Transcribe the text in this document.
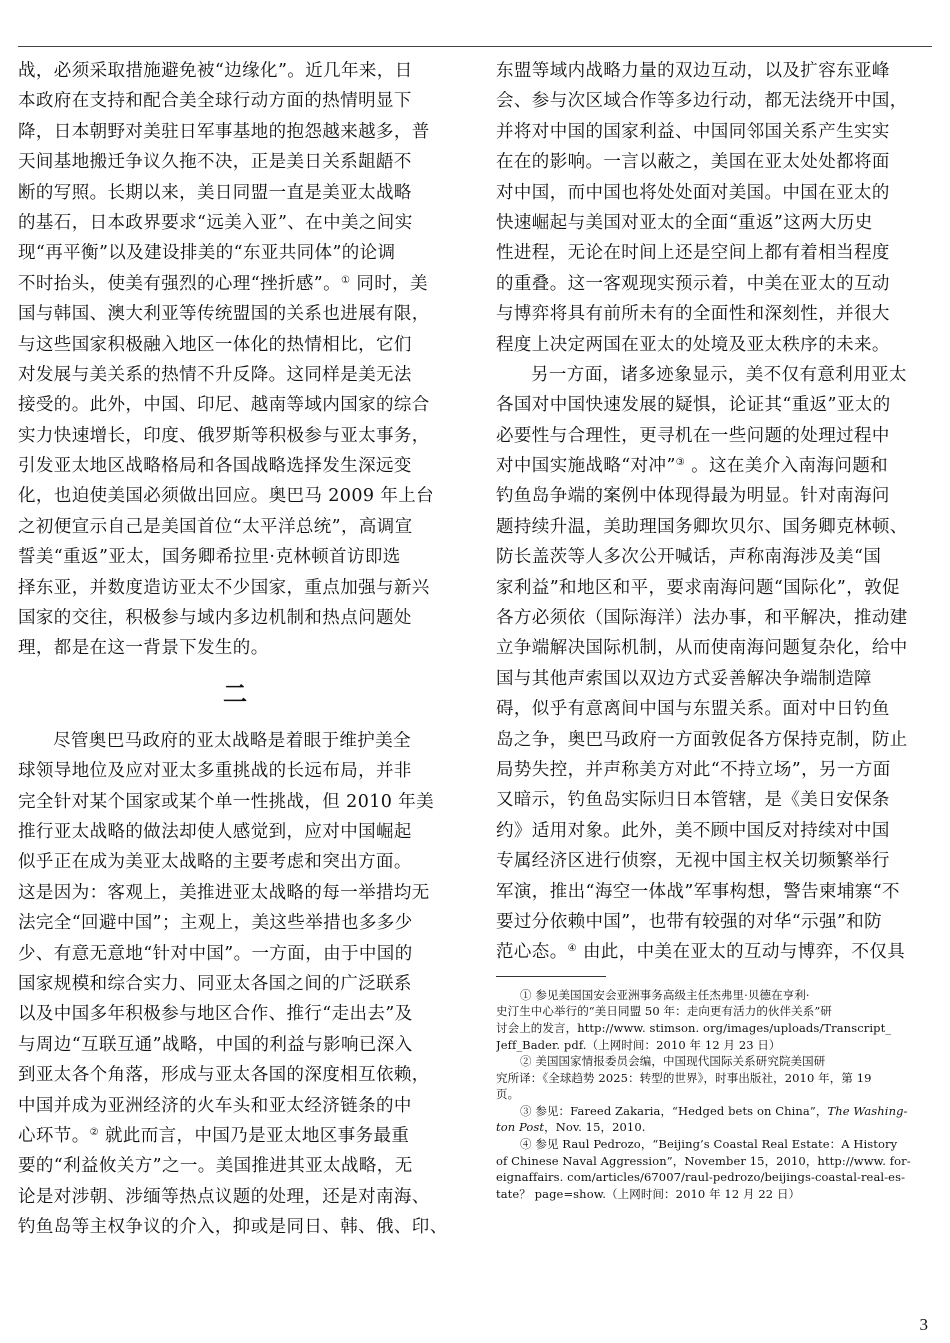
战，必须采取措施避免被“边缘化”。近几年来，日
本政府在支持和配合美全球行动方面的热情明显下
降，日本朝野对美驻日军事基地的抱怨越来越多，普
天间基地搬迁争议久拖不决，正是美日关系龃龉不
断的写照。长期以来，美日同盟一直是美亚太战略
的基石，日本政界要求“远美入亚”、在中美之间实
现“再平衡”以及建设排美的“东亚共同体”的论调
不时抬头，使美有强烈的心理“挫折感”。① 同时，美
国与韩国、澳大利亚等传统盟国的关系也进展有限，
与这些国家积极融入地区一体化的热情相比，它们
对发展与美关系的热情不升反降。这同样是美无法
接受的。此外，中国、印尼、越南等域内国家的综合
实力快速增长，印度、俄罗斯等积极参与亚太事务，
引发亚太地区战略格局和各国战略选择发生深远变
化，也迫使美国必须做出回应。奥巴马 2009 年上台
之初便宣示自己是美国首位“太平洋总统”，高调宣
誓美“重返”亚太，国务卿希拉里·克林顿首访即选
择东亚，并数度造访亚太不少国家，重点加强与新兴
国家的交往，积极参与域内多边机制和热点问题处
理，都是在这一背景下发生的。
二
尽管奥巴马政府的亚太战略是着眼于维护美全
球领导地位及应对亚太多重挑战的长远布局，并非
完全针对某个国家或某个单一性挑战，但 2010 年美
推行亚太战略的做法却使人感觉到，应对中国崛起
似乎正在成为美亚太战略的主要考虑和突出方面。
这是因为：客观上，美推进亚太战略的每一举措均无
法完全“回避中国”；主观上，美这些举措也多多少
少、有意无意地“针对中国”。一方面，由于中国的
国家规模和综合实力、同亚太各国之间的广泛联系
以及中国多年积极参与地区合作、推行“走出去”及
与周边“互联互通”战略，中国的利益与影响已深入
到亚太各个角落，形成与亚太各国的深度相互依赖，
中国并成为亚洲经济的火车头和亚太经济链条的中
心环节。② 就此而言，中国乃是亚太地区事务最重
要的“利益攸关方”之一。美国推进其亚太战略，无
论是对涉朝、涉缅等热点议题的处理，还是对南海、
钓鱼岛等主权争议的介入，抑或是同日、韩、俄、印、
东盟等域内战略力量的双边互动，以及扩容东亚峰
会、参与次区域合作等多边行动，都无法绕开中国，
并将对中国的国家利益、中国同邻国关系产生实实
在在的影响。一言以蔽之，美国在亚太处处都将面
对中国，而中国也将处处面对美国。中国在亚太的
快速崛起与美国对亚太的全面“重返”这两大历史
性进程，无论在时间上还是空间上都有着相当程度
的重叠。这一客观现实预示着，中美在亚太的互动
与博弈将具有前所未有的全面性和深刻性，并很大
程度上决定两国在亚太的处境及亚太秩序的未来。
另一方面，诸多迹象显示，美不仅有意利用亚太
各国对中国快速发展的疑惧，论证其“重返”亚太的
必要性与合理性，更寻机在一些问题的处理过程中
对中国实施战略“对冲”③ 。这在美介入南海问题和
钓鱼岛争端的案例中体现得最为明显。针对南海问
题持续升温，美助理国务卿坎贝尔、国务卿克林顿、
防长盖茨等人多次公开喊话，声称南海涉及美“国
家利益”和地区和平，要求南海问题“国际化”，敦促
各方必须依（国际海洋）法办事，和平解决，推动建
立争端解决国际机制，从而使南海问题复杂化，给中
国与其他声索国以双边方式妥善解决争端制造障
碍，似乎有意离间中国与东盟关系。面对中日钓鱼
岛之争，奥巴马政府一方面敦促各方保持克制，防止
局势失控，并声称美方对此“不持立场”，另一方面
又暗示，钓鱼岛实际归日本管辖，是《美日安保条
约》适用对象。此外，美不顾中国反对持续对中国
专属经济区进行侦察，无视中国主权关切频繁举行
军演，推出“海空一体战”军事构想，警告柬埔寨“不
要过分依赖中国”，也带有较强的对华“示强”和防
范心态。④ 由此，中美在亚太的互动与博弈，不仅具
① 参见美国国安会亚洲事务高级主任杰弗里·贝德在亨利·
史汀生中心举行的“美日同盟 50 年：走向更有活力的伙伴关系”研
讨会上的发言，http://www. stimson. org/images/uploads/Transcript_
Jeff_Bader. pdf.（上网时间：2010 年 12 月 23 日）
② 美国国家情报委员会编，中国现代国际关系研究院美国研
究所译：《全球趋势 2025：转型的世界》，时事出版社，2010 年，第 19
页。
③ 参见：Fareed Zakaria，“Hedged bets on China”，The Washing-
ton Post，Nov. 15，2010.
④ 参见 Raul Pedrozo，“Beijing’s Coastal Real Estate：A History
of Chinese Naval Aggression”，November 15，2010，http://www. for-
eignaffairs. com/articles/67007/raul-pedrozo/beijings-coastal-real-es-
tate？ page=show.（上网时间：2010 年 12 月 22 日）
3
